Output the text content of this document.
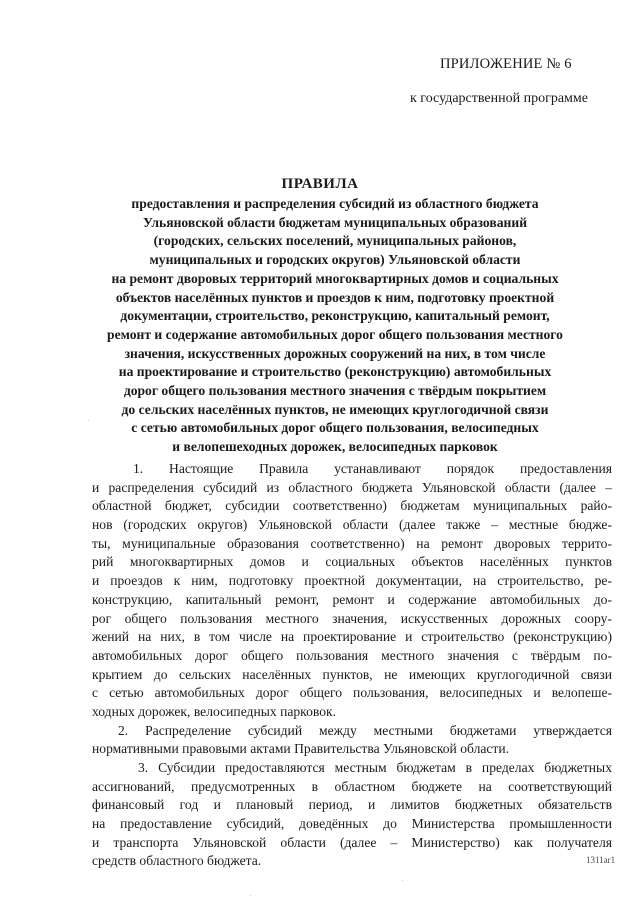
ПРИЛОЖЕНИЕ № 6
к государственной программе
ПРАВИЛА
предоставления и распределения субсидий из областного бюджета
Ульяновской области бюджетам муниципальных образований
(городских, сельских поселений, муниципальных районов,
муниципальных и городских округов) Ульяновской области
на ремонт дворовых территорий многоквартирных домов и социальных
объектов населённых пунктов и проездов к ним, подготовку проектной
документации, строительство, реконструкцию, капитальный ремонт,
ремонт и содержание автомобильных дорог общего пользования местного
значения, искусственных дорожных сооружений на них, в том числе
на проектирование и строительство (реконструкцию) автомобильных
дорог общего пользования местного значения с твёрдым покрытием
до сельских населённых пунктов, не имеющих круглогодичной связи
с сетью автомобильных дорог общего пользования, велосипедных
и велопешеходных дорожек, велосипедных парковок
1. Настоящие Правила устанавливают порядок предоставления
и распределения субсидий из областного бюджета Ульяновской области (далее –
областной бюджет, субсидии соответственно) бюджетам муниципальных райо-
нов (городских округов) Ульяновской области (далее также – местные бюдже-
ты, муниципальные образования соответственно) на ремонт дворовых террито-
рий многоквартирных домов и социальных объектов населённых пунктов
и проездов к ним, подготовку проектной документации, на строительство, ре-
конструкцию, капитальный ремонт, ремонт и содержание автомобильных до-
рог общего пользования местного значения, искусственных дорожных соору-
жений на них, в том числе на проектирование и строительство (реконструкцию)
автомобильных дорог общего пользования местного значения с твёрдым по-
крытием до сельских населённых пунктов, не имеющих круглогодичной связи
с сетью автомобильных дорог общего пользования, велосипедных и велопеше-
ходных дорожек, велосипедных парковок.
2. Распределение субсидий между местными бюджетами утверждается
нормативными правовыми актами Правительства Ульяновской области.
3. Субсидии предоставляются местным бюджетам в пределах бюджетных
ассигнований, предусмотренных в областном бюджете на соответствующий
финансовый год и плановый период, и лимитов бюджетных обязательств
на предоставление субсидий, доведённых до Министерства промышленности
и транспорта Ульяновской области (далее – Министерство) как получателя
средств областного бюджета.	1311ar1
